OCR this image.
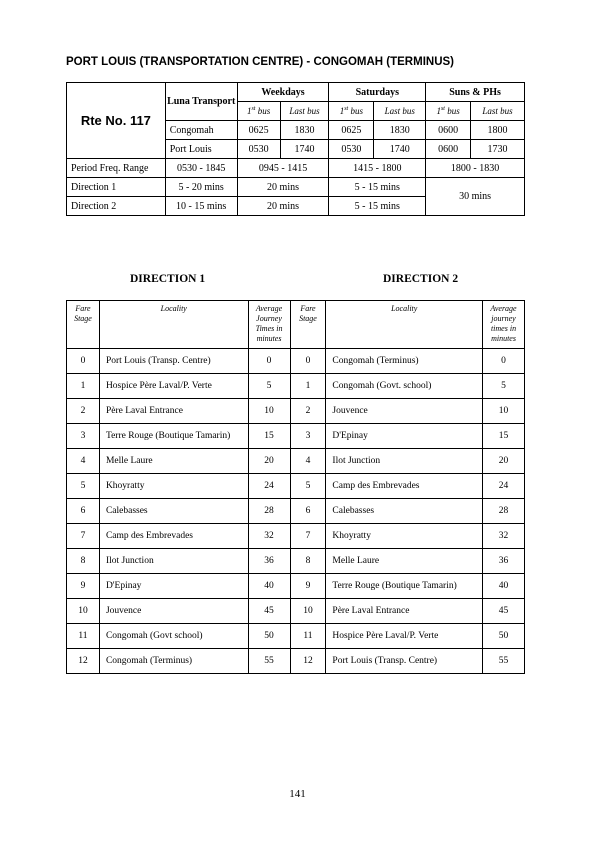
PORT LOUIS (TRANSPORTATION CENTRE) - CONGOMAH (TERMINUS)
Rte No. 117	Luna Transport	Weekdays		Saturdays		Suns & PHs	
		1st bus	Last bus	1st bus	Last bus	1st bus	Last bus
	Congomah	0625	1830	0625	1830	0600	1800
	Port Louis	0530	1740	0530	1740	0600	1730
Period Freq. Range	0530 - 1845	0945 - 1415		1415 - 1800		1800 - 1830	
Direction 1	5 - 20 mins	20 mins		5 - 15 mins		30 mins	
Direction 2	10 - 15 mins	20 mins		5 - 15 mins			
DIRECTION 1	DIRECTION 2
Fare Stage	Locality	Average Journey Times in minutes	Fare Stage	Locality	Average journey times in minutes
0	Port Louis (Transp. Centre)	0	0	Congomah (Terminus)	0
1	Hospice Père Laval/P. Verte	5	1	Congomah (Govt. school)	5
2	Père Laval Entrance	10	2	Jouvence	10
3	Terre Rouge (Boutique Tamarin)	15	3	D'Epinay	15
4	Melle Laure	20	4	Ilot Junction	20
5	Khoyratty	24	5	Camp des Embrevades	24
6	Calebasses	28	6	Calebasses	28
7	Camp des Embrevades	32	7	Khoyratty	32
8	Ilot Junction	36	8	Melle Laure	36
9	D'Epinay	40	9	Terre Rouge (Boutique Tamarin)	40
10	Jouvence	45	10	Père Laval Entrance	45
11	Congomah (Govt school)	50	11	Hospice Père Laval/P. Verte	50
12	Congomah (Terminus)	55	12	Port Louis (Transp. Centre)	55
141
